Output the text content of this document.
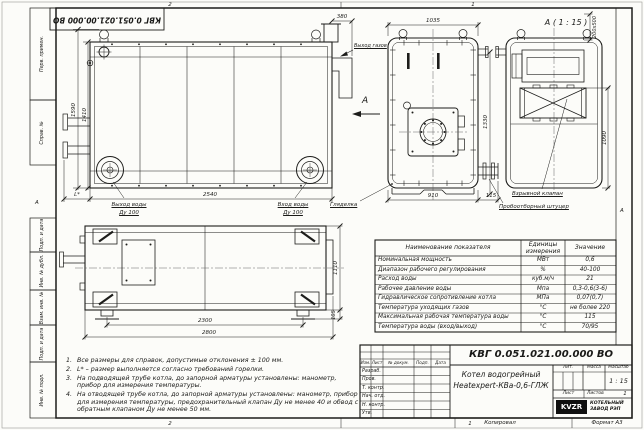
КВГ 0.051.021.00.000 ВО
2	1
2	1
А
А
Перв. примен.
Справ. №
Подп. и дата
Инв. № дубл.
Взам. инв. №
Подп. и дата
Инв. № подл.
Копировал	Формат А3
1590 1410
380
Выход газов
А
L*	2540
Выход воды
Ду 100
Вход воды
Ду 100
Гляделка
1035
910	115
1330
Взрывной клапан
Пробоотборный штуцер
А ( 1 : 15 ) 200х500
1090
2300
2800
1110
105
1. Все размеры для справок, допустимые отклонения ± 100 мм.
2. L* – размер выполняется согласно требований горелки.
3. На подводящей трубе котла, до запорной арматуры установлены: манометр, прибор для измерения температуры.
4. На отводящей трубе котла, до запорной арматуры установлены: манометр, прибор для измерения температуры, предохранительный клапан Ду не менее 40 и обвод с обратным клапаном Ду не менее 50 мм.
Наименование показателя	Единицы
измерения
Значение
Номинальная мощность	МВт	0,6
Диапазон рабочего регулирования	%	40-100
Расход воды	куб.м/ч	21
Рабочее давление воды	Мпа	0,3-0,6(3-6)
Гидравлическое сопротивление котла	МПа	0,07(0,7)
Температура уходящих газов	°С	не более 220
Максимальная рабочая температура воды	°С	115
Температура воды (вход/выход)	°С	70/95
КВГ 0.051.021.00.000 ВО
Котел водогрейный
Heatexpert-КВа-0,6-ГЛЖ
Изм. Лист № докум. Подп. Дата
Разраб.
Пров.
Т. контр.
Нач. отд.
Н. контр.
Утв.
Лит.	Масса Масштаб
1 : 15
Лист	Листов	1
KVZR	КОТЕЛЬНЫЙ
ЗАВОД РЭП
